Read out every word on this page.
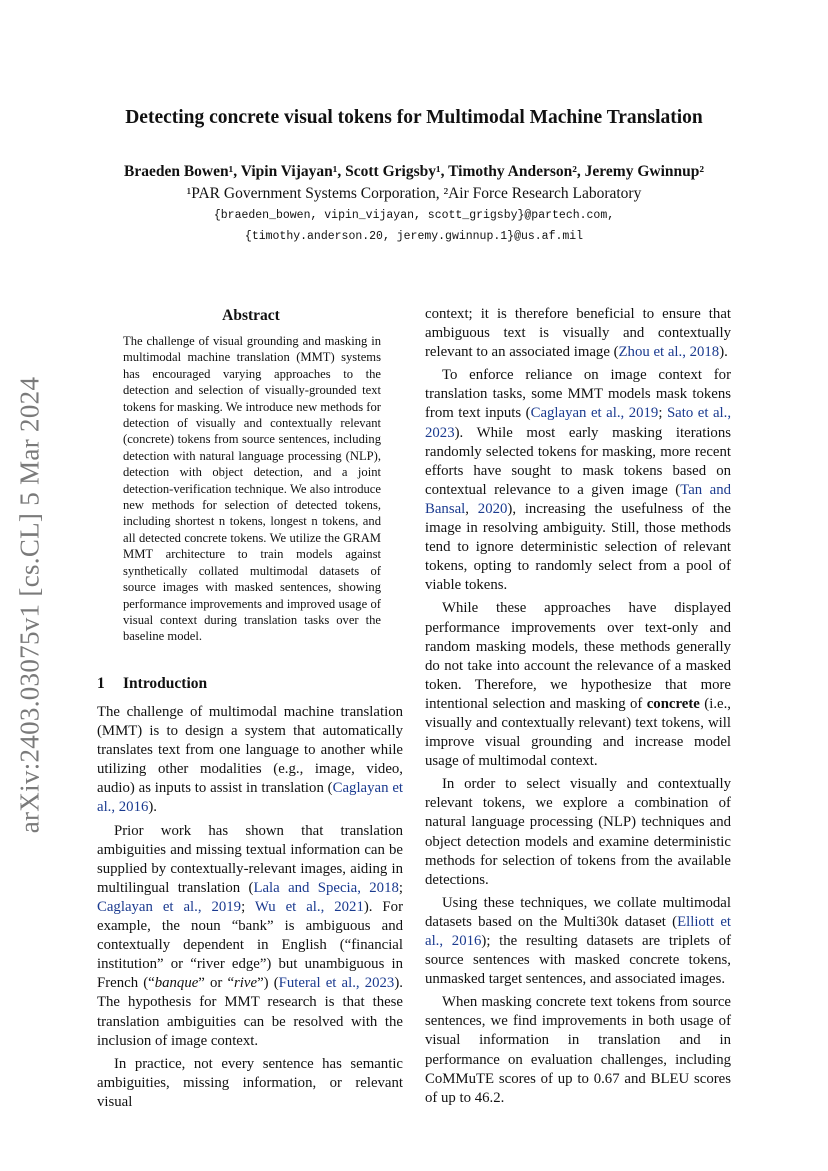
arXiv:2403.03075v1 [cs.CL] 5 Mar 2024
Detecting concrete visual tokens for Multimodal Machine Translation
Braeden Bowen¹, Vipin Vijayan¹, Scott Grigsby¹, Timothy Anderson², Jeremy Gwinnup²
¹PAR Government Systems Corporation, ²Air Force Research Laboratory
{braeden_bowen, vipin_vijayan, scott_grigsby}@partech.com,
{timothy.anderson.20, jeremy.gwinnup.1}@us.af.mil
Abstract
The challenge of visual grounding and masking in multimodal machine translation (MMT) systems has encouraged varying approaches to the detection and selection of visually-grounded text tokens for masking. We introduce new methods for detection of visually and contextually relevant (concrete) tokens from source sentences, including detection with natural language processing (NLP), detection with object detection, and a joint detection-verification technique. We also introduce new methods for selection of detected tokens, including shortest n tokens, longest n tokens, and all detected concrete tokens. We utilize the GRAM MMT architecture to train models against synthetically collated multimodal datasets of source images with masked sentences, showing performance improvements and improved usage of visual context during translation tasks over the baseline model.
1 Introduction

The challenge of multimodal machine translation (MMT) is to design a system that automatically translates text from one language to another while utilizing other modalities (e.g., image, video, audio) as inputs to assist in translation (Caglayan et al., 2016).

Prior work has shown that translation ambiguities and missing textual information can be supplied by contextually-relevant images, aiding in multilingual translation (Lala and Specia, 2018; Caglayan et al., 2019; Wu et al., 2021). For example, the noun “bank” is ambiguous and contextually dependent in English (“financial institution” or “river edge”) but unambiguous in French (“banque” or “rive”) (Futeral et al., 2023). The hypothesis for MMT research is that these translation ambiguities can be resolved with the inclusion of image context.

In practice, not every sentence has semantic ambiguities, missing information, or relevant visual

context; it is therefore beneficial to ensure that ambiguous text is visually and contextually relevant to an associated image (Zhou et al., 2018).

To enforce reliance on image context for translation tasks, some MMT models mask tokens from text inputs (Caglayan et al., 2019; Sato et al., 2023). While most early masking iterations randomly selected tokens for masking, more recent efforts have sought to mask tokens based on contextual relevance to a given image (Tan and Bansal, 2020), increasing the usefulness of the image in resolving ambiguity. Still, those methods tend to ignore deterministic selection of relevant tokens, opting to randomly select from a pool of viable tokens.

While these approaches have displayed performance improvements over text-only and random masking models, these methods generally do not take into account the relevance of a masked token. Therefore, we hypothesize that more intentional selection and masking of concrete (i.e., visually and contextually relevant) text tokens, will improve visual grounding and increase model usage of multimodal context.

In order to select visually and contextually relevant tokens, we explore a combination of natural language processing (NLP) techniques and object detection models and examine deterministic methods for selection of tokens from the available detections.

Using these techniques, we collate multimodal datasets based on the Multi30k dataset (Elliott et al., 2016); the resulting datasets are triplets of source sentences with masked concrete tokens, unmasked target sentences, and associated images.

When masking concrete text tokens from source sentences, we find improvements in both usage of visual information in translation and in performance on evaluation challenges, including CoMMuTE scores of up to 0.67 and BLEU scores of up to 46.2.
